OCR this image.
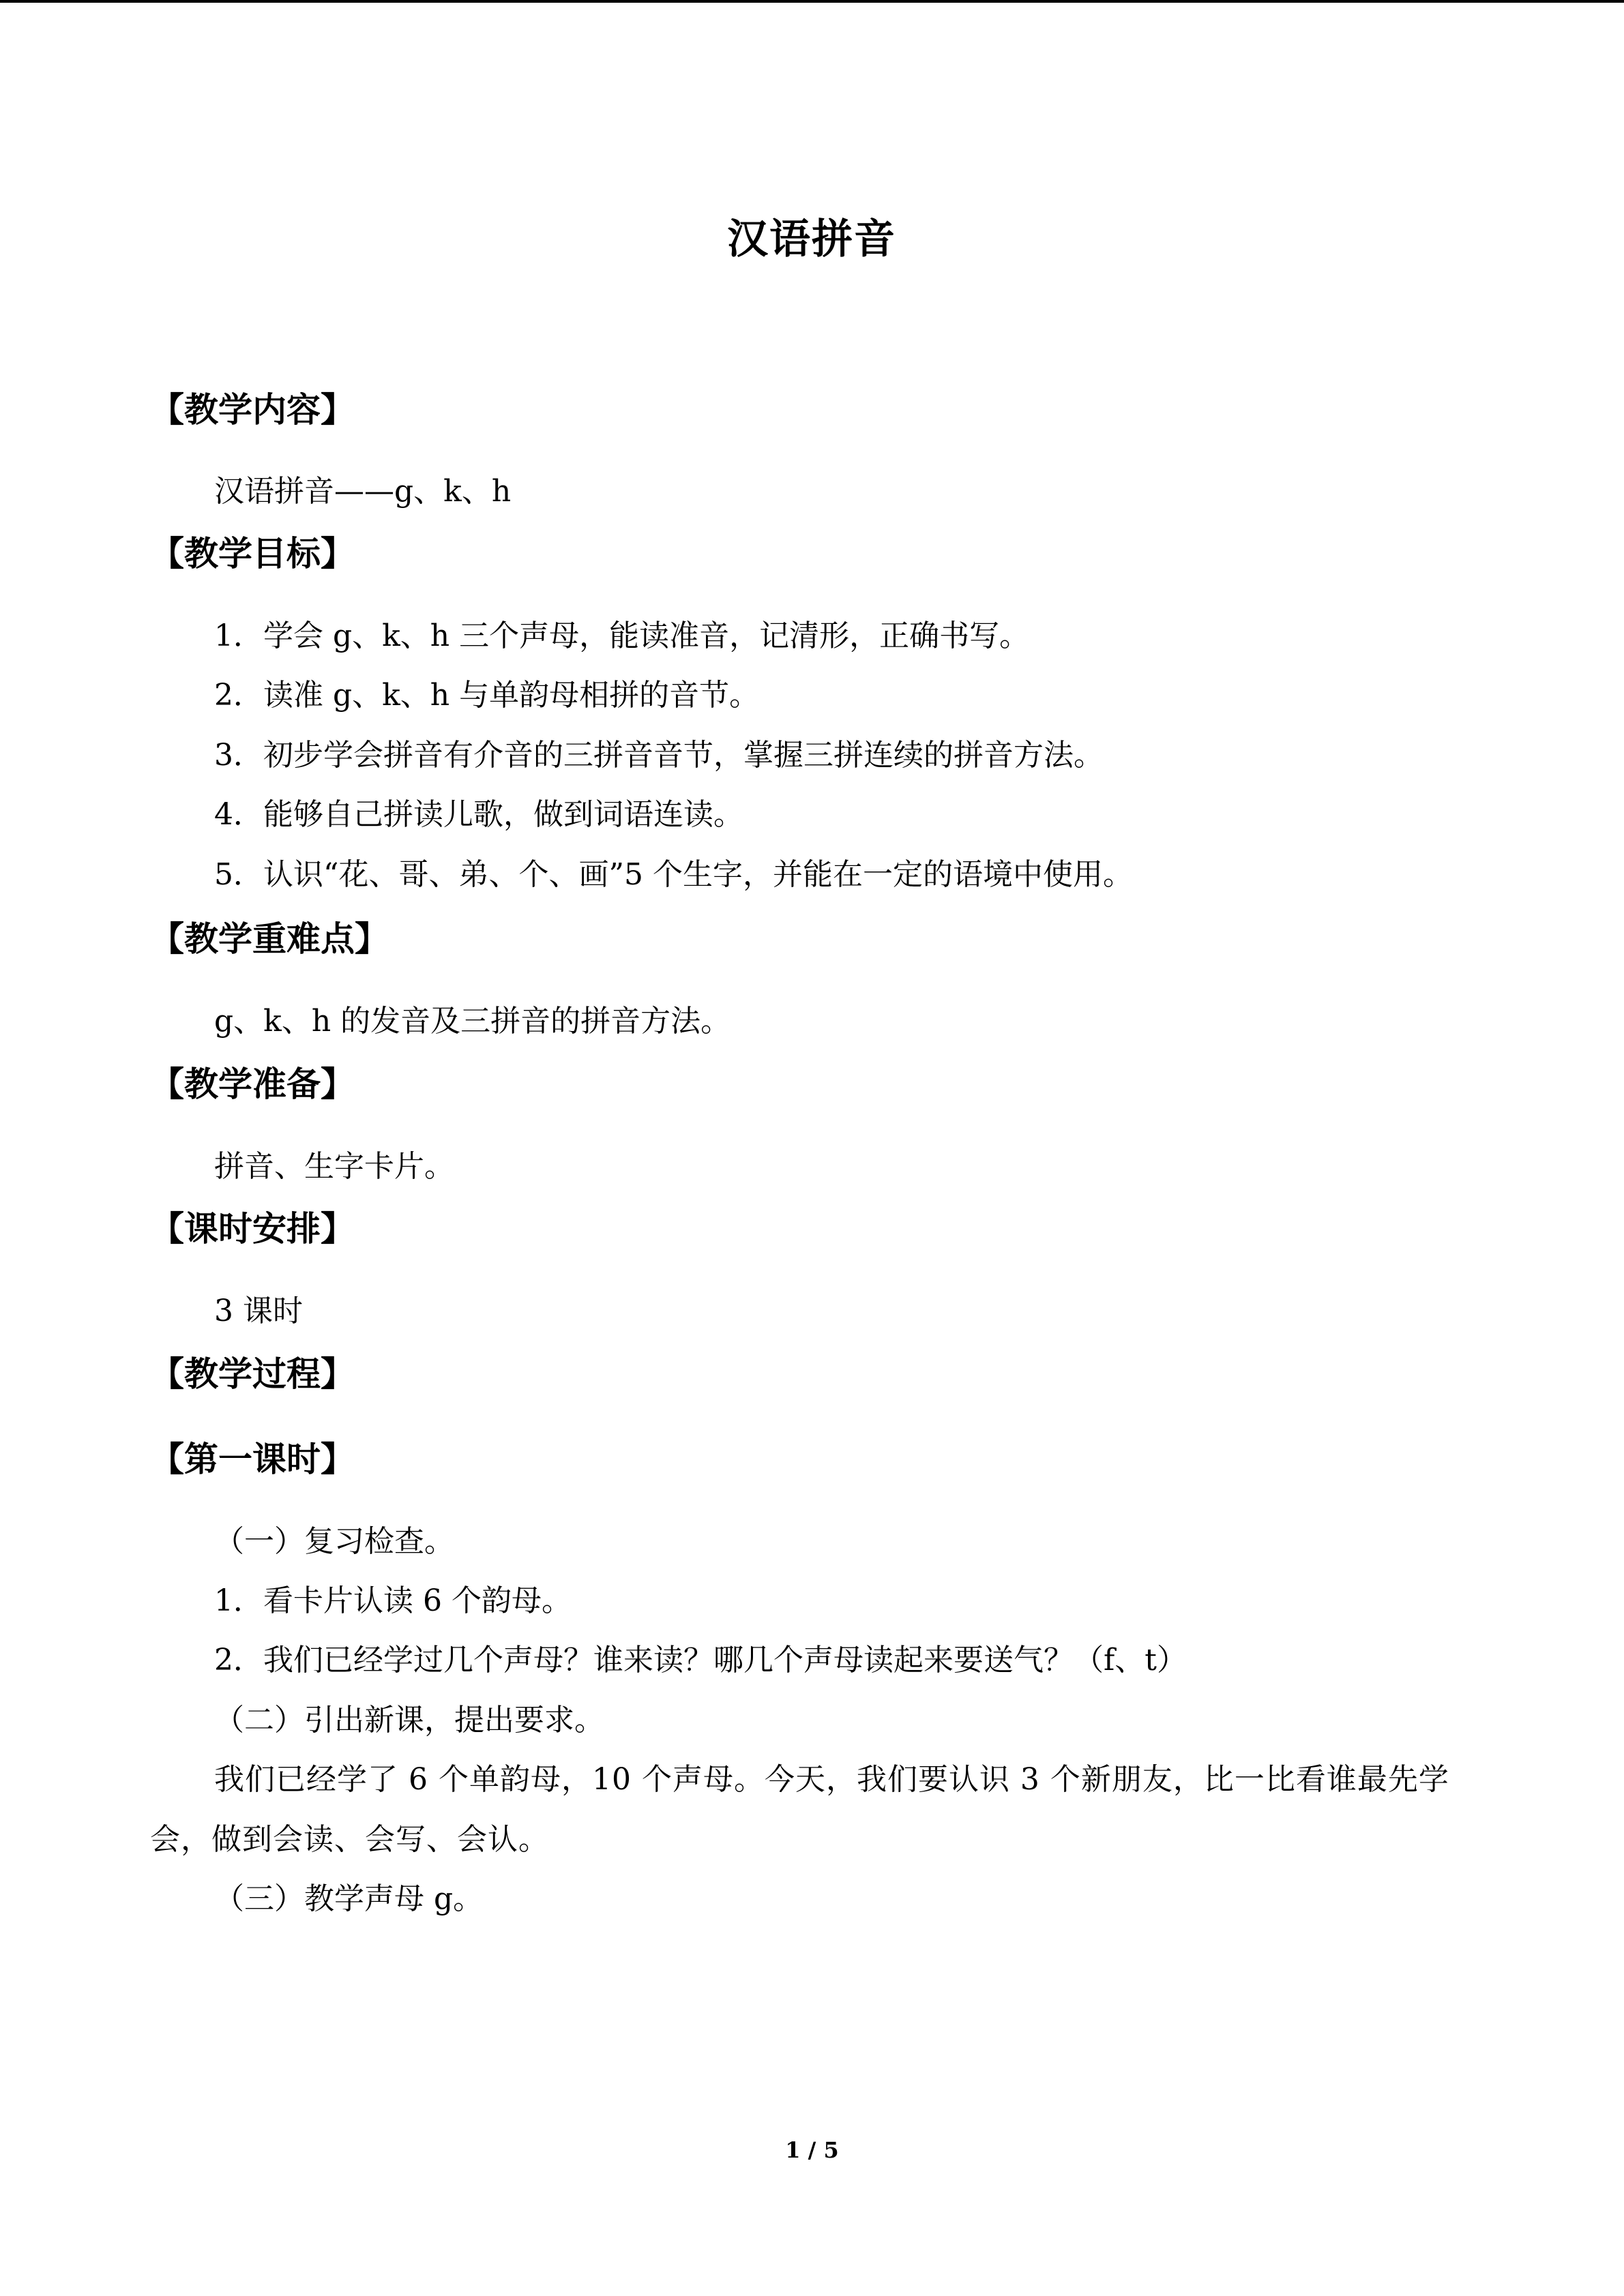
汉语拼音
【教学内容】
汉语拼音——g、k、h
【教学目标】
1．学会 g、k、h 三个声母，能读准音，记清形，正确书写。
2．读准 g、k、h 与单韵母相拼的音节。
3．初步学会拼音有介音的三拼音音节，掌握三拼连续的拼音方法。
4．能够自己拼读儿歌，做到词语连读。
5．认识“花、哥、弟、个、画”5 个生字，并能在一定的语境中使用。
【教学重难点】
g、k、h 的发音及三拼音的拼音方法。
【教学准备】
拼音、生字卡片。
【课时安排】
3 课时
【教学过程】
【第一课时】
（一）复习检查。
1．看卡片认读 6 个韵母。
2．我们已经学过几个声母？谁来读？哪几个声母读起来要送气？（f、t）
（二）引出新课，提出要求。
我们已经学了 6 个单韵母，10 个声母。今天，我们要认识 3 个新朋友，比一比看谁最先学会，做到会读、会写、会认。
（三）教学声母 g。
1 / 5
